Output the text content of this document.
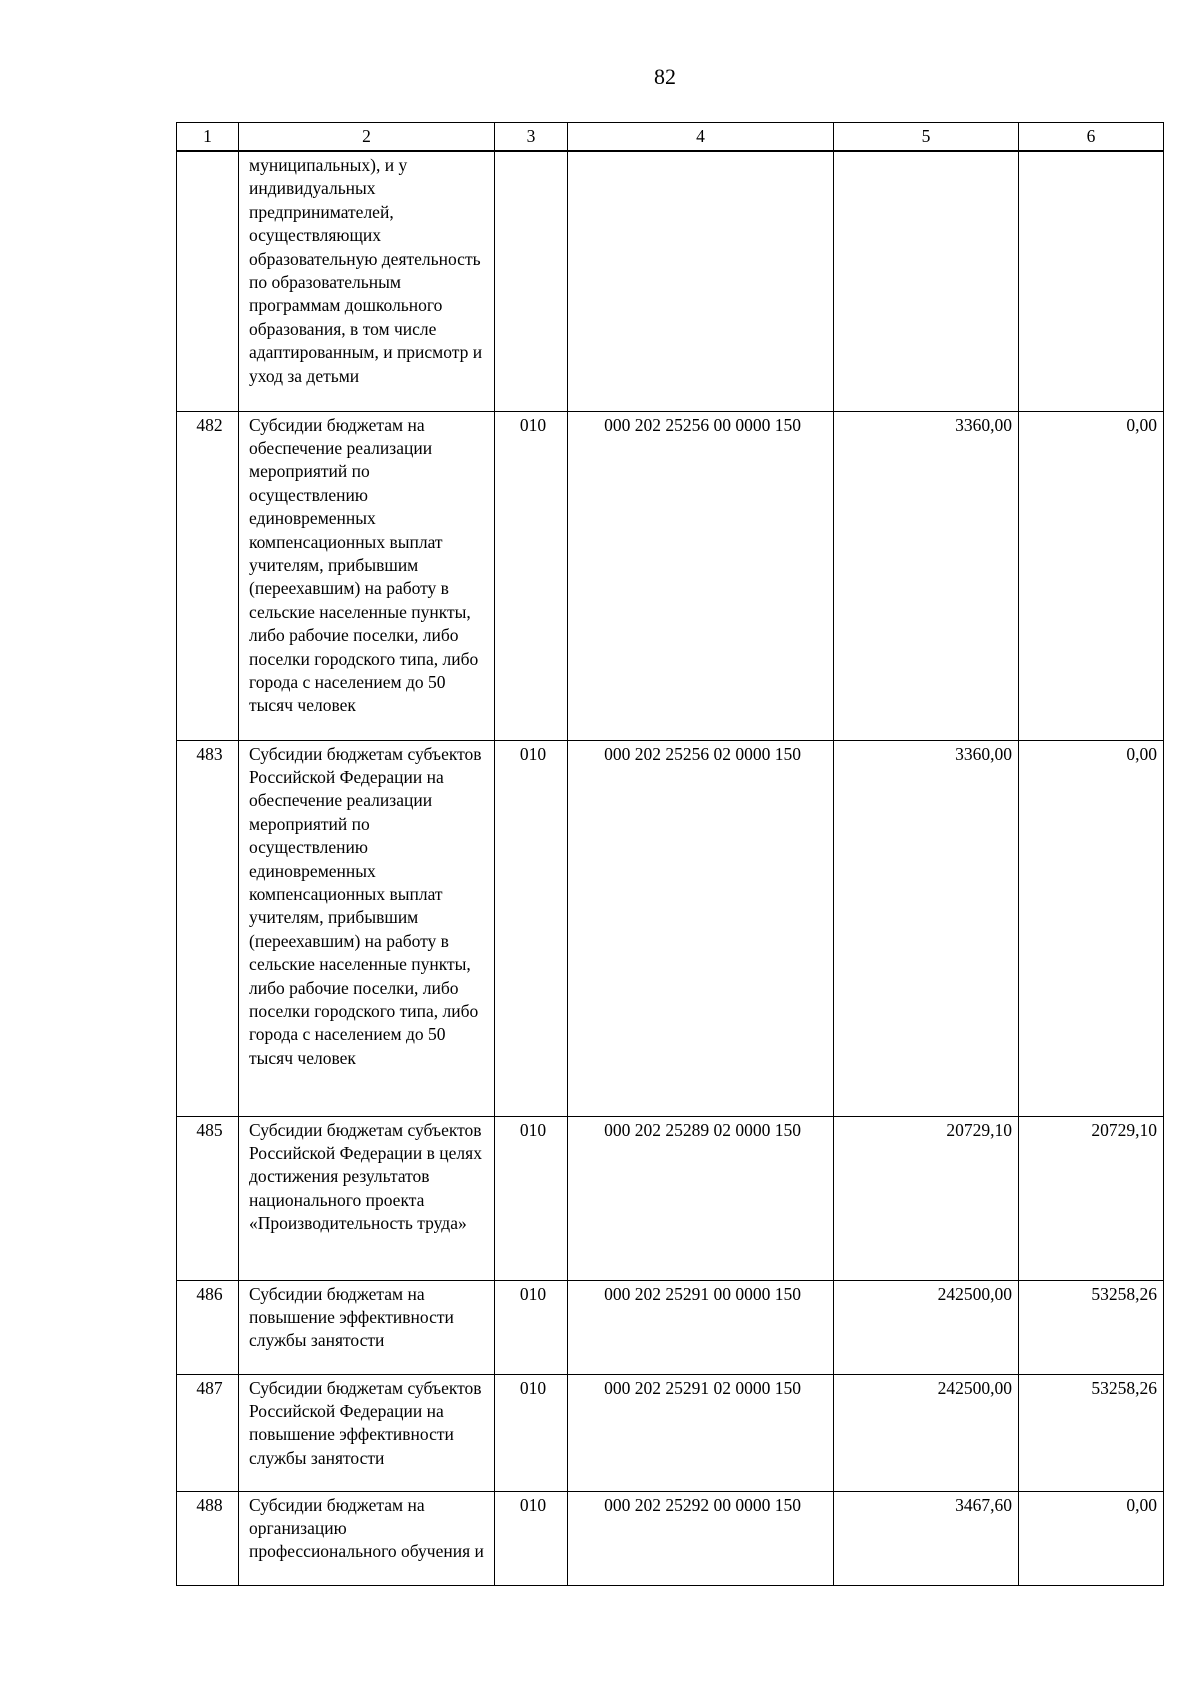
82
1	2	3	4	5	6
	муниципальных), и у индивидуальных предпринимателей, осуществляющих образовательную деятельность по образовательным программам дошкольного образования, в том числе адаптированным, и присмотр и уход за детьми				
482	Субсидии бюджетам на обеспечение реализации мероприятий по осуществлению единовременных компенсационных выплат учителям, прибывшим (переехавшим) на работу в сельские населенные пункты, либо рабочие поселки, либо поселки городского типа, либо города с населением до 50 тысяч человек	010	000 202 25256 00 0000 150	3360,00	0,00
483	Субсидии бюджетам субъектов Российской Федерации на обеспечение реализации мероприятий по осуществлению единовременных компенсационных выплат учителям, прибывшим (переехавшим) на работу в сельские населенные пункты, либо рабочие поселки, либо поселки городского типа, либо города с населением до 50 тысяч человек	010	000 202 25256 02 0000 150	3360,00	0,00
485	Субсидии бюджетам субъектов Российской Федерации в целях достижения результатов национального проекта «Производительность труда»	010	000 202 25289 02 0000 150	20729,10	20729,10
486	Субсидии бюджетам на повышение эффективности службы занятости	010	000 202 25291 00 0000 150	242500,00	53258,26
487	Субсидии бюджетам субъектов Российской Федерации на повышение эффективности службы занятости	010	000 202 25291 02 0000 150	242500,00	53258,26
488	Субсидии бюджетам на организацию профессионального обучения и	010	000 202 25292 00 0000 150	3467,60	0,00
